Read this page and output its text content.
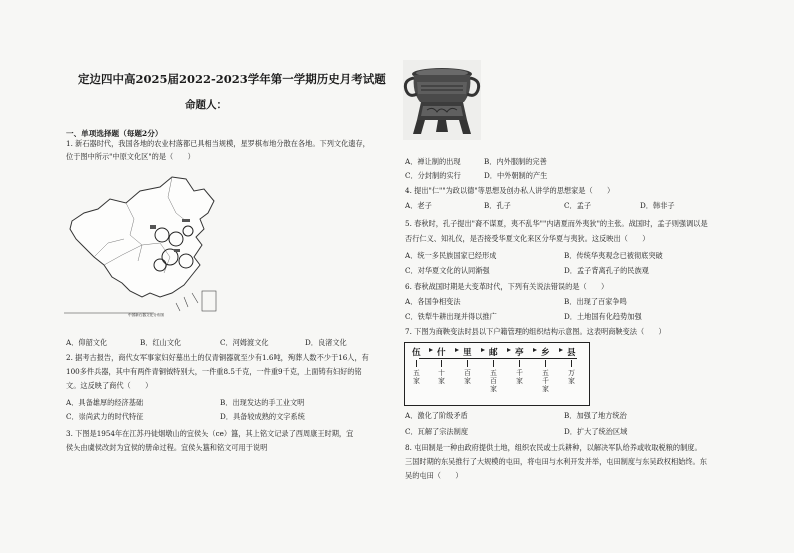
定边四中高2025届2022-2023学年第一学期历史月考试题
命题人：
一、单项选择题（每题2分）
1. 新石器时代，我国各地的农业村落都已具相当规模，星罗棋布地分散在各地。下列文化遗存，
位于图中所示"中原文化区"的是（　　）
中国新石器文化分布图
A．仰韶文化	B．红山文化	C．河姆渡文化	D．良渚文化
2. 据考古报告，商代女军事家妇好墓出土的仅青铜器就至少有1.6吨，殉葬人数不少于16人，有
100多件兵器，其中有两件青铜钺特别大，一件重8.5千克，一件重9千克，上面铸有妇好的铭
文。这反映了商代（　　）
A．具备雄厚的经济基础	B．出现发达的手工业文明
C．崇尚武力的时代特征	D．具备较成熟的文字系统
3. 下图是1954年在江苏丹徒烟墩山的宜侯夨（ce）簋，其上铭文记录了西周康王时期，宜
侯夨由虞侯改封为宜侯的册命过程。宜侯夨簋和铭文可用于说明
A．禅让制的出现	B．内外服制的完善
C．分封制的实行	D．中外朝制的产生
4. 提出"仁""为政以德"等思想及创办私人讲学的思想家是（　　）
A．老子	B．孔子	C．孟子	D．韩非子
5. 春秋时，孔子提出"裔不谋夏，夷不乱华""内诸夏而外夷狄"的主张。战国时，孟子则强调以是
否行仁义、知礼仪，是否接受华夏文化来区分华夏与夷狄。这反映出（　　）
A．统一多民族国家已经形成	B．传统华夷观念已被彻底突破
C．对华夏文化的认同渐强	D．孟子背离孔子的民族观
6. 春秋战国时期是大变革时代，下列有关说法错误的是（　　）
A．各国争相变法	B．出现了百家争鸣
C．铁犁牛耕出现并得以推广	D．土地国有化趋势加强
7. 下图为商鞅变法时县以下户籍管理的组织结构示意图。这表明商鞅变法（　　）
伍 什 里 邮 亭 乡 县
五
家
十
家
百
家
五
百
家
千
家
五
千
家
万
家
A．激化了阶级矛盾	B．加强了地方统治
C．瓦解了宗法制度	D．扩大了统治区域
8. 屯田制是一种由政府提供土地，组织农民或士兵耕种，以解决军队给养或收取税粮的制度。
三国时期的东吴推行了大规模的屯田，将屯田与水利开发并举，屯田制度与东吴政权相始终。东
吴的屯田（　　）
